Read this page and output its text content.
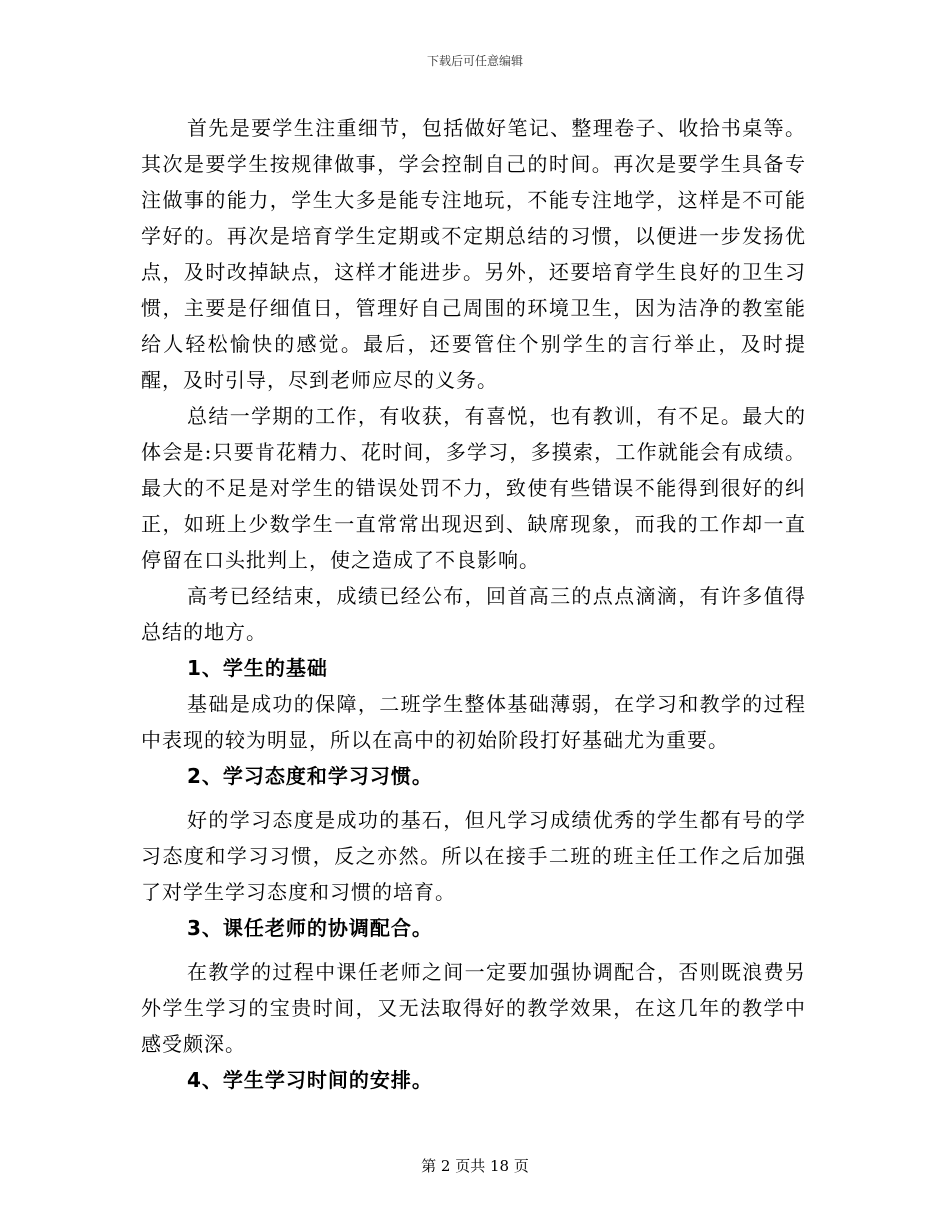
下载后可任意编辑

首先是要学生注重细节，包括做好笔记、整理卷子、收拾书桌等。其次是要学生按规律做事，学会控制自己的时间。再次是要学生具备专注做事的能力，学生大多是能专注地玩，不能专注地学，这样是不可能学好的。再次是培育学生定期或不定期总结的习惯，以便进一步发扬优点，及时改掉缺点，这样才能进步。另外，还要培育学生良好的卫生习惯，主要是仔细值日，管理好自己周围的环境卫生，因为洁净的教室能给人轻松愉快的感觉。最后，还要管住个别学生的言行举止，及时提醒，及时引导，尽到老师应尽的义务。

总结一学期的工作，有收获，有喜悦，也有教训，有不足。最大的体会是:只要肯花精力、花时间，多学习，多摸索，工作就能会有成绩。最大的不足是对学生的错误处罚不力，致使有些错误不能得到很好的纠正，如班上少数学生一直常常出现迟到、缺席现象，而我的工作却一直停留在口头批判上，使之造成了不良影响。

高考已经结束，成绩已经公布，回首高三的点点滴滴，有许多值得总结的地方。

1、学生的基础

基础是成功的保障，二班学生整体基础薄弱，在学习和教学的过程中表现的较为明显，所以在高中的初始阶段打好基础尤为重要。

2、学习态度和学习习惯。

好的学习态度是成功的基石，但凡学习成绩优秀的学生都有号的学习态度和学习习惯，反之亦然。所以在接手二班的班主任工作之后加强了对学生学习态度和习惯的培育。

3、课任老师的协调配合。

在教学的过程中课任老师之间一定要加强协调配合，否则既浪费另外学生学习的宝贵时间，又无法取得好的教学效果，在这几年的教学中感受颇深。

4、学生学习时间的安排。

第 2 页共 18 页
